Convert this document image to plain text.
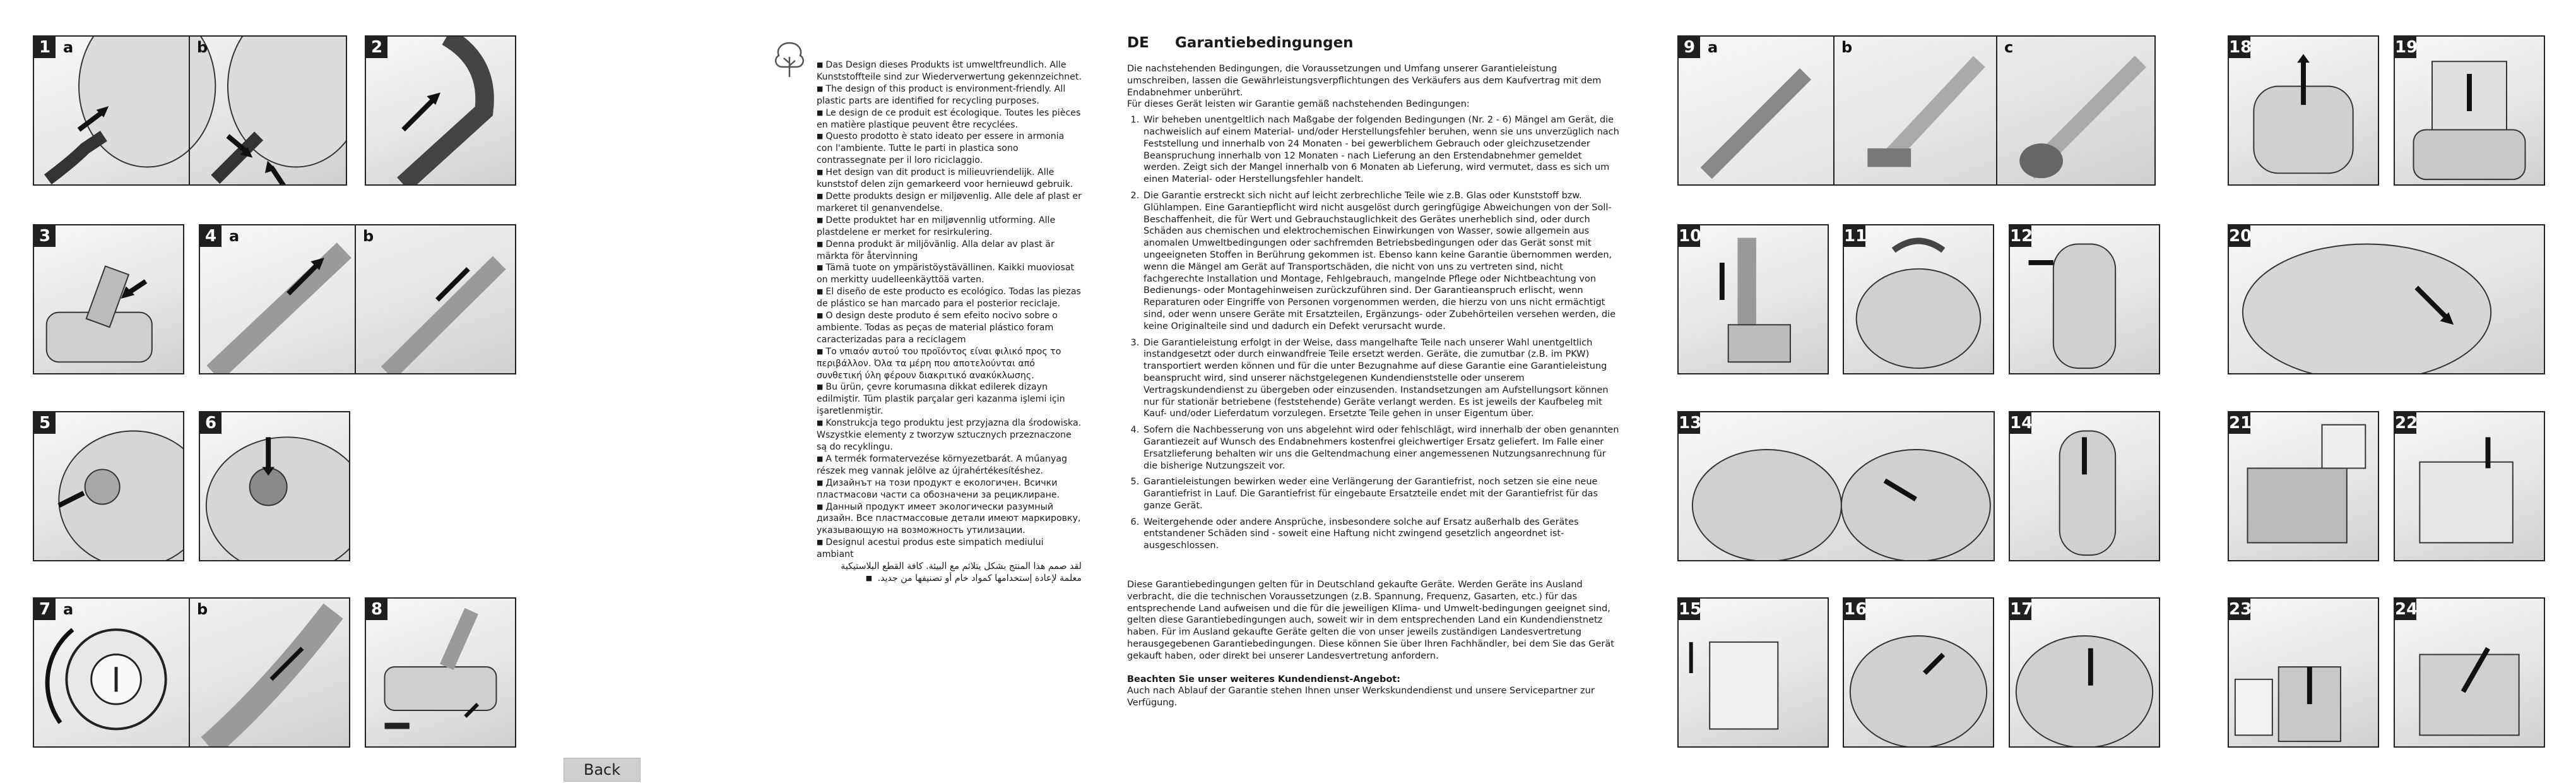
1 a	b	2
3	4 a	b
5	6
7 a	b	8

■ Das Design dieses Produkts ist umweltfreundlich. Alle Kunststoffteile sind zur Wiederverwertung gekennzeichnet.

■ The design of this product is environment-friendly. All plastic parts are identified for recycling purposes.

■ Le design de ce produit est écologique. Toutes les pièces en matière plastique peuvent être recyclées.

■ Questo prodotto è stato ideato per essere in armonia con l'ambiente. Tutte le parti in plastica sono contrassegnate per il loro riciclaggio.

■ Het design van dit product is milieuvriendelijk. Alle kunststof delen zijn gemarkeerd voor hernieuwd gebruik.

■ Dette produkts design er miljøvenlig. Alle dele af plast er markeret til genanvendelse.

■ Dette produktet har en miljøvennlig utforming. Alle plastdelene er merket for resirkulering.

■ Denna produkt är miljövänlig. Alla delar av plast är märkta för återvinning

■ Tämä tuote on ympäristöystävällinen. Kaikki muoviosat on merkitty uudelleenkäyttöä varten.

■ El diseño de este producto es ecológico. Todas las piezas de plástico se han marcado para el posterior reciclaje.

■ O design deste produto é sem efeito nocivo sobre o ambiente. Todas as peças de material plástico foram caracterizadas para a reciclagem

■ Το νπιαόν αυτού του προϊόντος είναι φιλικό προς το περιβάλλον. Όλα τα μέρη που αποτελούνται από συνθετική ύλη φέρουν διακριτικό ανακύκλωσης.

■ Bu ürün, çevre korumasına dikkat edilerek dizayn edilmiştir. Tüm plastik parçalar geri kazanma işlemi için işaretlenmiştir.

■ Konstrukcja tego produktu jest przyjazna dla środowiska. Wszystkie elementy z tworzyw sztucznych przeznaczone są do recyklingu.

■ A termék formatervezése környezetbarát. A műanyag részek meg vannak jelölve az újrahértékesítéshez.

■ Дизайнът на този продукт е екологичен. Всички пластмасови части са обозначени за рециклиране.

■ Данный продукт имеет экологически разумный дизайн. Все пластмассовые детали имеют маркировку, указывающую на возможность утилизации.

■ Designul acestui produs este simpatich mediului ambiant

لقد صمم هذا المنتج بشكل يتلائم مع البيئة. كافة القطع البلاستيكية معلمة لإعادة إستخدامها كمواد خام أو تصنيفها من جديد. ■

DE Garantiebedingungen

Die nachstehenden Bedingungen, die Voraussetzungen und Umfang unserer Garantieleistung umschreiben, lassen die Gewährleistungsverpflichtungen des Verkäufers aus dem Kaufvertrag mit dem Endabnehmer unberührt.

Für dieses Gerät leisten wir Garantie gemäß nachstehenden Bedingungen:

1. Wir beheben unentgeltlich nach Maßgabe der folgenden Bedingungen (Nr. 2 - 6) Mängel am Gerät, die nachweislich auf einem Material- und/oder Herstellungsfehler beruhen, wenn sie uns unverzüglich nach Feststellung und innerhalb von 24 Monaten - bei gewerblichem Gebrauch oder gleichzusetzender Beanspruchung innerhalb von 12 Monaten - nach Lieferung an den Erstendabnehmer gemeldet werden. Zeigt sich der Mangel innerhalb von 6 Monaten ab Lieferung, wird vermutet, dass es sich um einen Material- oder Herstellungsfehler handelt.
2. Die Garantie erstreckt sich nicht auf leicht zerbrechliche Teile wie z.B. Glas oder Kunststoff bzw. Glühlampen. Eine Garantiepflicht wird nicht ausgelöst durch geringfügige Abweichungen von der Soll-Beschaffenheit, die für Wert und Gebrauchstauglichkeit des Gerätes unerheblich sind, oder durch Schäden aus chemischen und elektrochemischen Einwirkungen von Wasser, sowie allgemein aus anomalen Umweltbedingungen oder sachfremden Betriebsbedingungen oder das Gerät sonst mit ungeeigneten Stoffen in Berührung gekommen ist. Ebenso kann keine Garantie übernommen werden, wenn die Mängel am Gerät auf Transportschäden, die nicht von uns zu vertreten sind, nicht fachgerechte Installation und Montage, Fehlgebrauch, mangelnde Pflege oder Nichtbeachtung von Bedienungs- oder Montagehinweisen zurückzuführen sind. Der Garantieanspruch erlischt, wenn Reparaturen oder Eingriffe von Personen vorgenommen werden, die hierzu von uns nicht ermächtigt sind, oder wenn unsere Geräte mit Ersatzteilen, Ergänzungs- oder Zubehörteilen versehen werden, die keine Originalteile sind und dadurch ein Defekt verursacht wurde.
3. Die Garantieleistung erfolgt in der Weise, dass mangelhafte Teile nach unserer Wahl unentgeltlich instandgesetzt oder durch einwandfreie Teile ersetzt werden. Geräte, die zumutbar (z.B. im PKW) transportiert werden können und für die unter Bezugnahme auf diese Garantie eine Garantieleistung beansprucht wird, sind unserer nächstgelegenen Kundendienststelle oder unserem Vertragskundendienst zu übergeben oder einzusenden. Instandsetzungen am Aufstellungsort können nur für stationär betriebene (feststehende) Geräte verlangt werden. Es ist jeweils der Kaufbeleg mit Kauf- und/oder Lieferdatum vorzulegen. Ersetzte Teile gehen in unser Eigentum über.
4. Sofern die Nachbesserung von uns abgelehnt wird oder fehlschlägt, wird innerhalb der oben genannten Garantiezeit auf Wunsch des Endabnehmers kostenfrei gleichwertiger Ersatz geliefert. Im Falle einer Ersatzlieferung behalten wir uns die Geltendmachung einer angemessenen Nutzungsanrechnung für die bisherige Nutzungszeit vor.
5. Garantieleistungen bewirken weder eine Verlängerung der Garantiefrist, noch setzen sie eine neue Garantiefrist in Lauf. Die Garantiefrist für eingebaute Ersatzteile endet mit der Garantiefrist für das ganze Gerät.
6. Weitergehende oder andere Ansprüche, insbesondere solche auf Ersatz außerhalb des Gerätes entstandener Schäden sind - soweit eine Haftung nicht zwingend gesetzlich angeordnet ist- ausgeschlossen.

Diese Garantiebedingungen gelten für in Deutschland gekaufte Geräte. Werden Geräte ins Ausland verbracht, die die technischen Voraussetzungen (z.B. Spannung, Frequenz, Gasarten, etc.) für das entsprechende Land aufweisen und die für die jeweiligen Klima- und Umwelt-bedingungen geeignet sind, gelten diese Garantiebedingungen auch, soweit wir in dem entsprechenden Land ein Kundendienstnetz haben. Für im Ausland gekaufte Geräte gelten die von unser jeweils zuständigen Landesvertretung herausgegebenen Garantiebedingungen. Diese können Sie über Ihren Fachhändler, bei dem Sie das Gerät gekauft haben, oder direkt bei unserer Landesvertretung anfordern.

Beachten Sie unser weiteres Kundendienst-Angebot:

Auch nach Ablauf der Garantie stehen Ihnen unser Werkskundendienst und unsere Servicepartner zur Verfügung.

9 a	b	c	18	19
10	11	12	20
13	14	21	22
15	16	17	23	24
Back
